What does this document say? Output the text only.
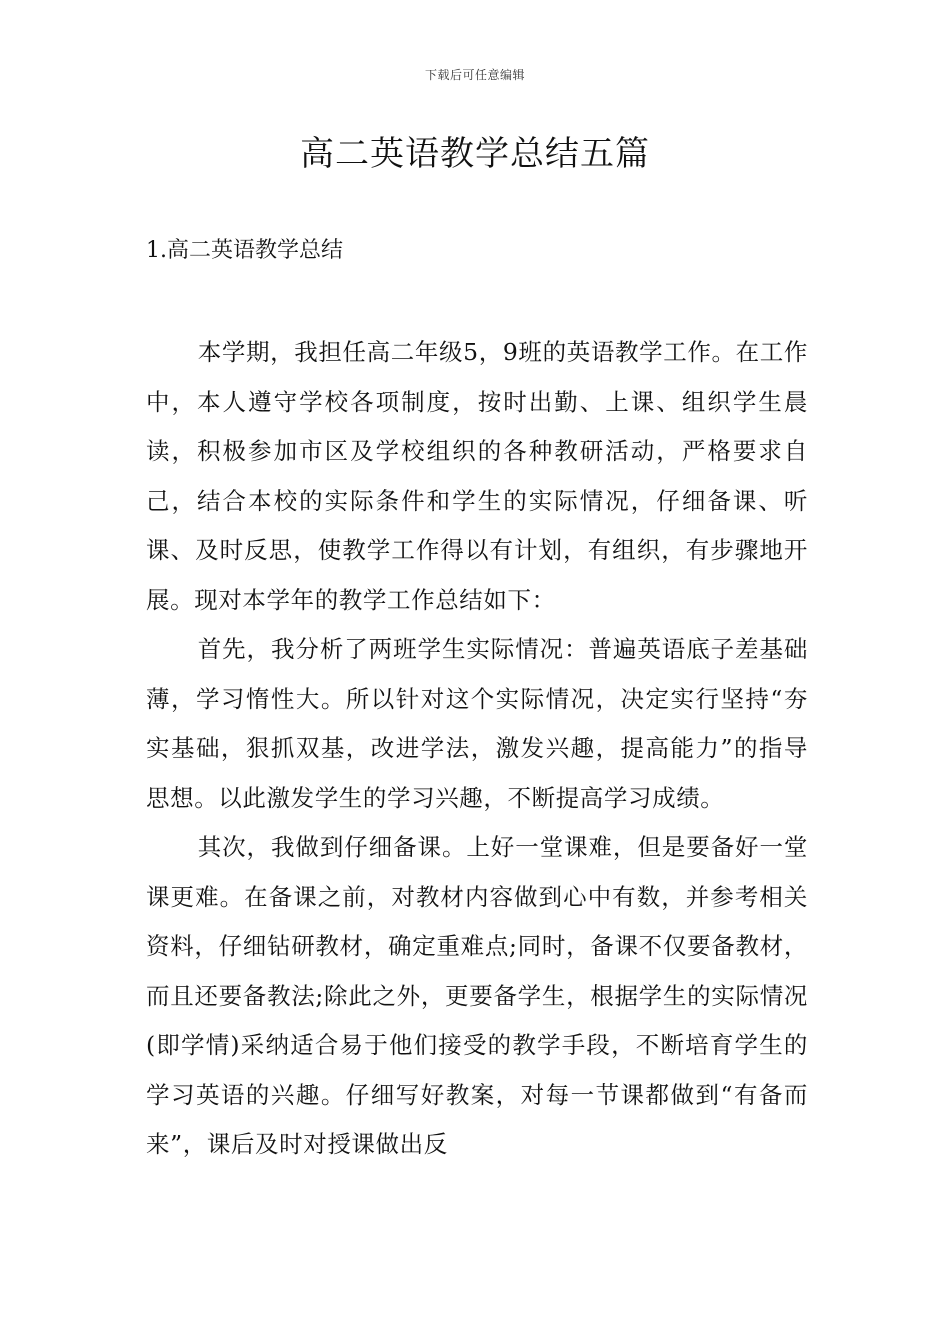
下载后可任意编辑
高二英语教学总结五篇
1.高二英语教学总结

本学期，我担任高二年级5，9班的英语教学工作。在工作中，本人遵守学校各项制度，按时出勤、上课、组织学生晨读，积极参加市区及学校组织的各种教研活动，严格要求自己，结合本校的实际条件和学生的实际情况，仔细备课、听课、及时反思，使教学工作得以有计划，有组织，有步骤地开展。现对本学年的教学工作总结如下：

首先，我分析了两班学生实际情况：普遍英语底子差基础薄，学习惰性大。所以针对这个实际情况，决定实行坚持“夯实基础，狠抓双基，改进学法，激发兴趣，提高能力”的指导思想。以此激发学生的学习兴趣，不断提高学习成绩。

其次，我做到仔细备课。上好一堂课难，但是要备好一堂课更难。在备课之前，对教材内容做到心中有数，并参考相关资料，仔细钻研教材，确定重难点;同时，备课不仅要备教材，而且还要备教法;除此之外，更要备学生，根据学生的实际情况(即学情)采纳适合易于他们接受的教学手段，不断培育学生的学习英语的兴趣。仔细写好教案，对每一节课都做到“有备而来”，课后及时对授课做出反
